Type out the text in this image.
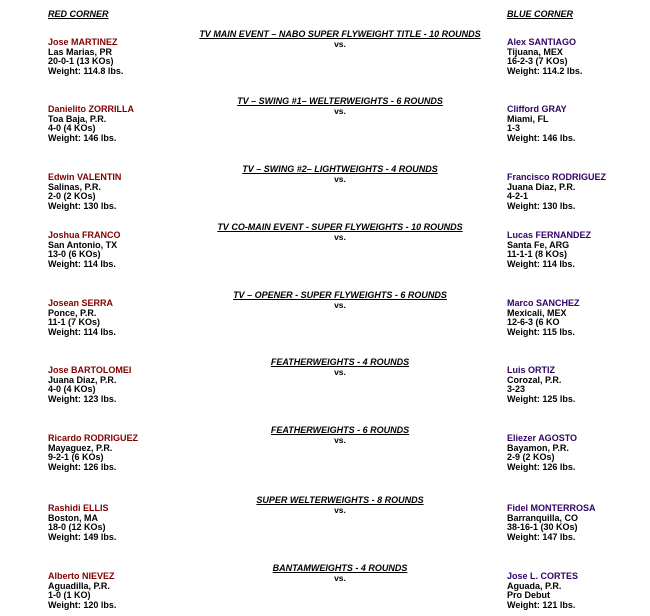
RED CORNER	BLUE CORNER
TV MAIN EVENT – NABO SUPER FLYWEIGHT TITLE - 10 ROUNDS
vs.
Jose MARTINEZ
Las Marias, PR
20-0-1 (13 KOs)
Weight: 114.8 lbs.
Alex SANTIAGO
Tijuana, MEX
16-2-3 (7 KOs)
Weight: 114.2 lbs.
TV – SWING #1– WELTERWEIGHTS - 6 ROUNDS
vs.
Danielito ZORRILLA
Toa Baja, P.R.
4-0 (4 KOs)
Weight: 146 lbs.
Clifford GRAY
Miami, FL
1-3
Weight: 146 lbs.
TV – SWING #2– LIGHTWEIGHTS - 4 ROUNDS
vs.
Edwin VALENTIN
Salinas, P.R.
2-0 (2 KOs)
Weight: 130 lbs.
Francisco RODRIGUEZ
Juana Diaz, P.R.
4-2-1
Weight: 130 lbs.
TV CO-MAIN EVENT - SUPER FLYWEIGHTS - 10 ROUNDS
vs.
Joshua FRANCO
San Antonio, TX
13-0 (6 KOs)
Weight: 114 lbs.
Lucas FERNANDEZ
Santa Fe, ARG
11-1-1 (8 KOs)
Weight: 114 lbs.
TV – OPENER - SUPER FLYWEIGHTS - 6 ROUNDS
vs.
Josean SERRA
Ponce, P.R.
11-1 (7 KOs)
Weight: 114 lbs.
Marco SANCHEZ
Mexicali, MEX
12-6-3 (6 KO
Weight: 115 lbs.
FEATHERWEIGHTS - 4 ROUNDS
vs.
Jose BARTOLOMEI
Juana Diaz, P.R.
4-0 (4 KOs)
Weight: 123 lbs.
Luis ORTIZ
Corozal, P.R.
3-23
Weight: 125 lbs.
FEATHERWEIGHTS - 6 ROUNDS
vs.
Ricardo RODRIGUEZ
Mayaguez, P.R.
9-2-1 (6 KOs)
Weight: 126 lbs.
Eliezer AGOSTO
Bayamon, P.R.
2-9 (2 KOs)
Weight: 126 lbs.
SUPER WELTERWEIGHTS - 8 ROUNDS
vs.
Rashidi ELLIS
Boston, MA
18-0 (12 KOs)
Weight: 149 lbs.
Fidel MONTERROSA
Barranquilla, CO
38-16-1 (30 KOs)
Weight: 147 lbs.
BANTAMWEIGHTS - 4 ROUNDS
vs.
Alberto NIEVEZ
Aguadilla, P.R.
1-0 (1 KO)
Weight: 120 lbs.
Jose L. CORTES
Aguada, P.R.
Pro Debut
Weight: 121 lbs.
